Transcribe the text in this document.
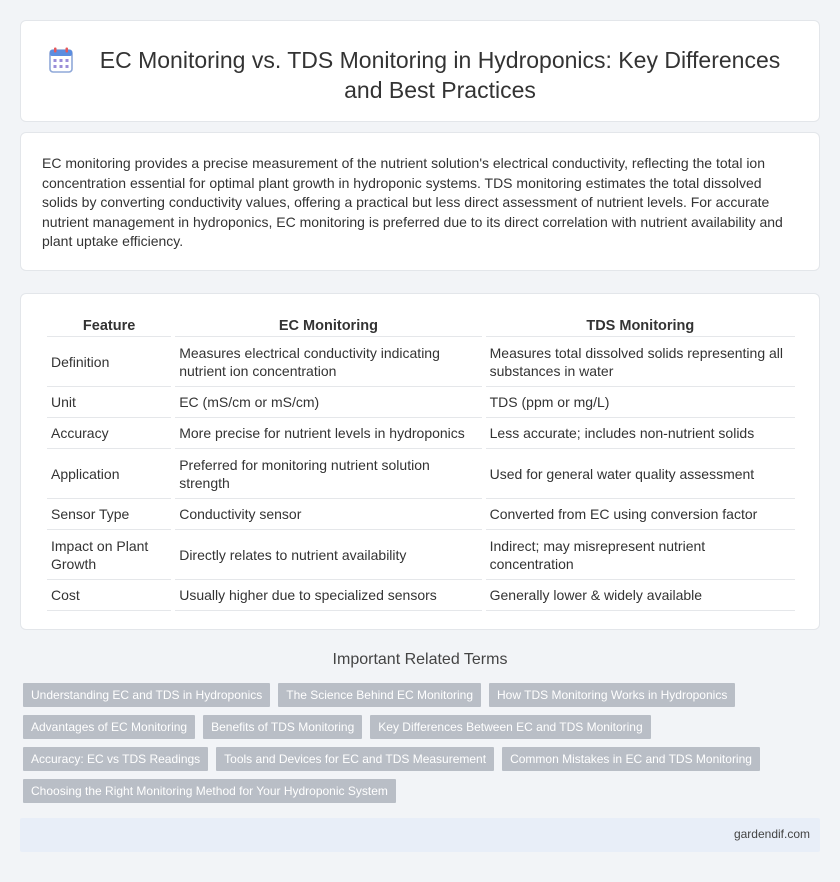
EC Monitoring vs. TDS Monitoring in Hydroponics: Key Differences and Best Practices

EC monitoring provides a precise measurement of the nutrient solution's electrical conductivity, reflecting the total ion concentration essential for optimal plant growth in hydroponic systems. TDS monitoring estimates the total dissolved solids by converting conductivity values, offering a practical but less direct assessment of nutrient levels. For accurate nutrient management in hydroponics, EC monitoring is preferred due to its direct correlation with nutrient availability and plant uptake efficiency.

Feature	EC Monitoring	TDS Monitoring
Definition	Measures electrical conductivity indicating nutrient ion concentration	Measures total dissolved solids representing all substances in water
Unit	EC (mS/cm or mS/cm)	TDS (ppm or mg/L)
Accuracy	More precise for nutrient levels in hydroponics	Less accurate; includes non-nutrient solids
Application	Preferred for monitoring nutrient solution strength	Used for general water quality assessment
Sensor Type	Conductivity sensor	Converted from EC using conversion factor
Impact on Plant Growth	Directly relates to nutrient availability	Indirect; may misrepresent nutrient concentration
Cost	Usually higher due to specialized sensors	Generally lower & widely available
Important Related Terms
Understanding EC and TDS in Hydroponics The Science Behind EC Monitoring How TDS Monitoring Works in Hydroponics
Advantages of EC Monitoring Benefits of TDS Monitoring Key Differences Between EC and TDS Monitoring
Accuracy: EC vs TDS Readings Tools and Devices for EC and TDS Measurement Common Mistakes in EC and TDS Monitoring
Choosing the Right Monitoring Method for Your Hydroponic System
gardendif.com
